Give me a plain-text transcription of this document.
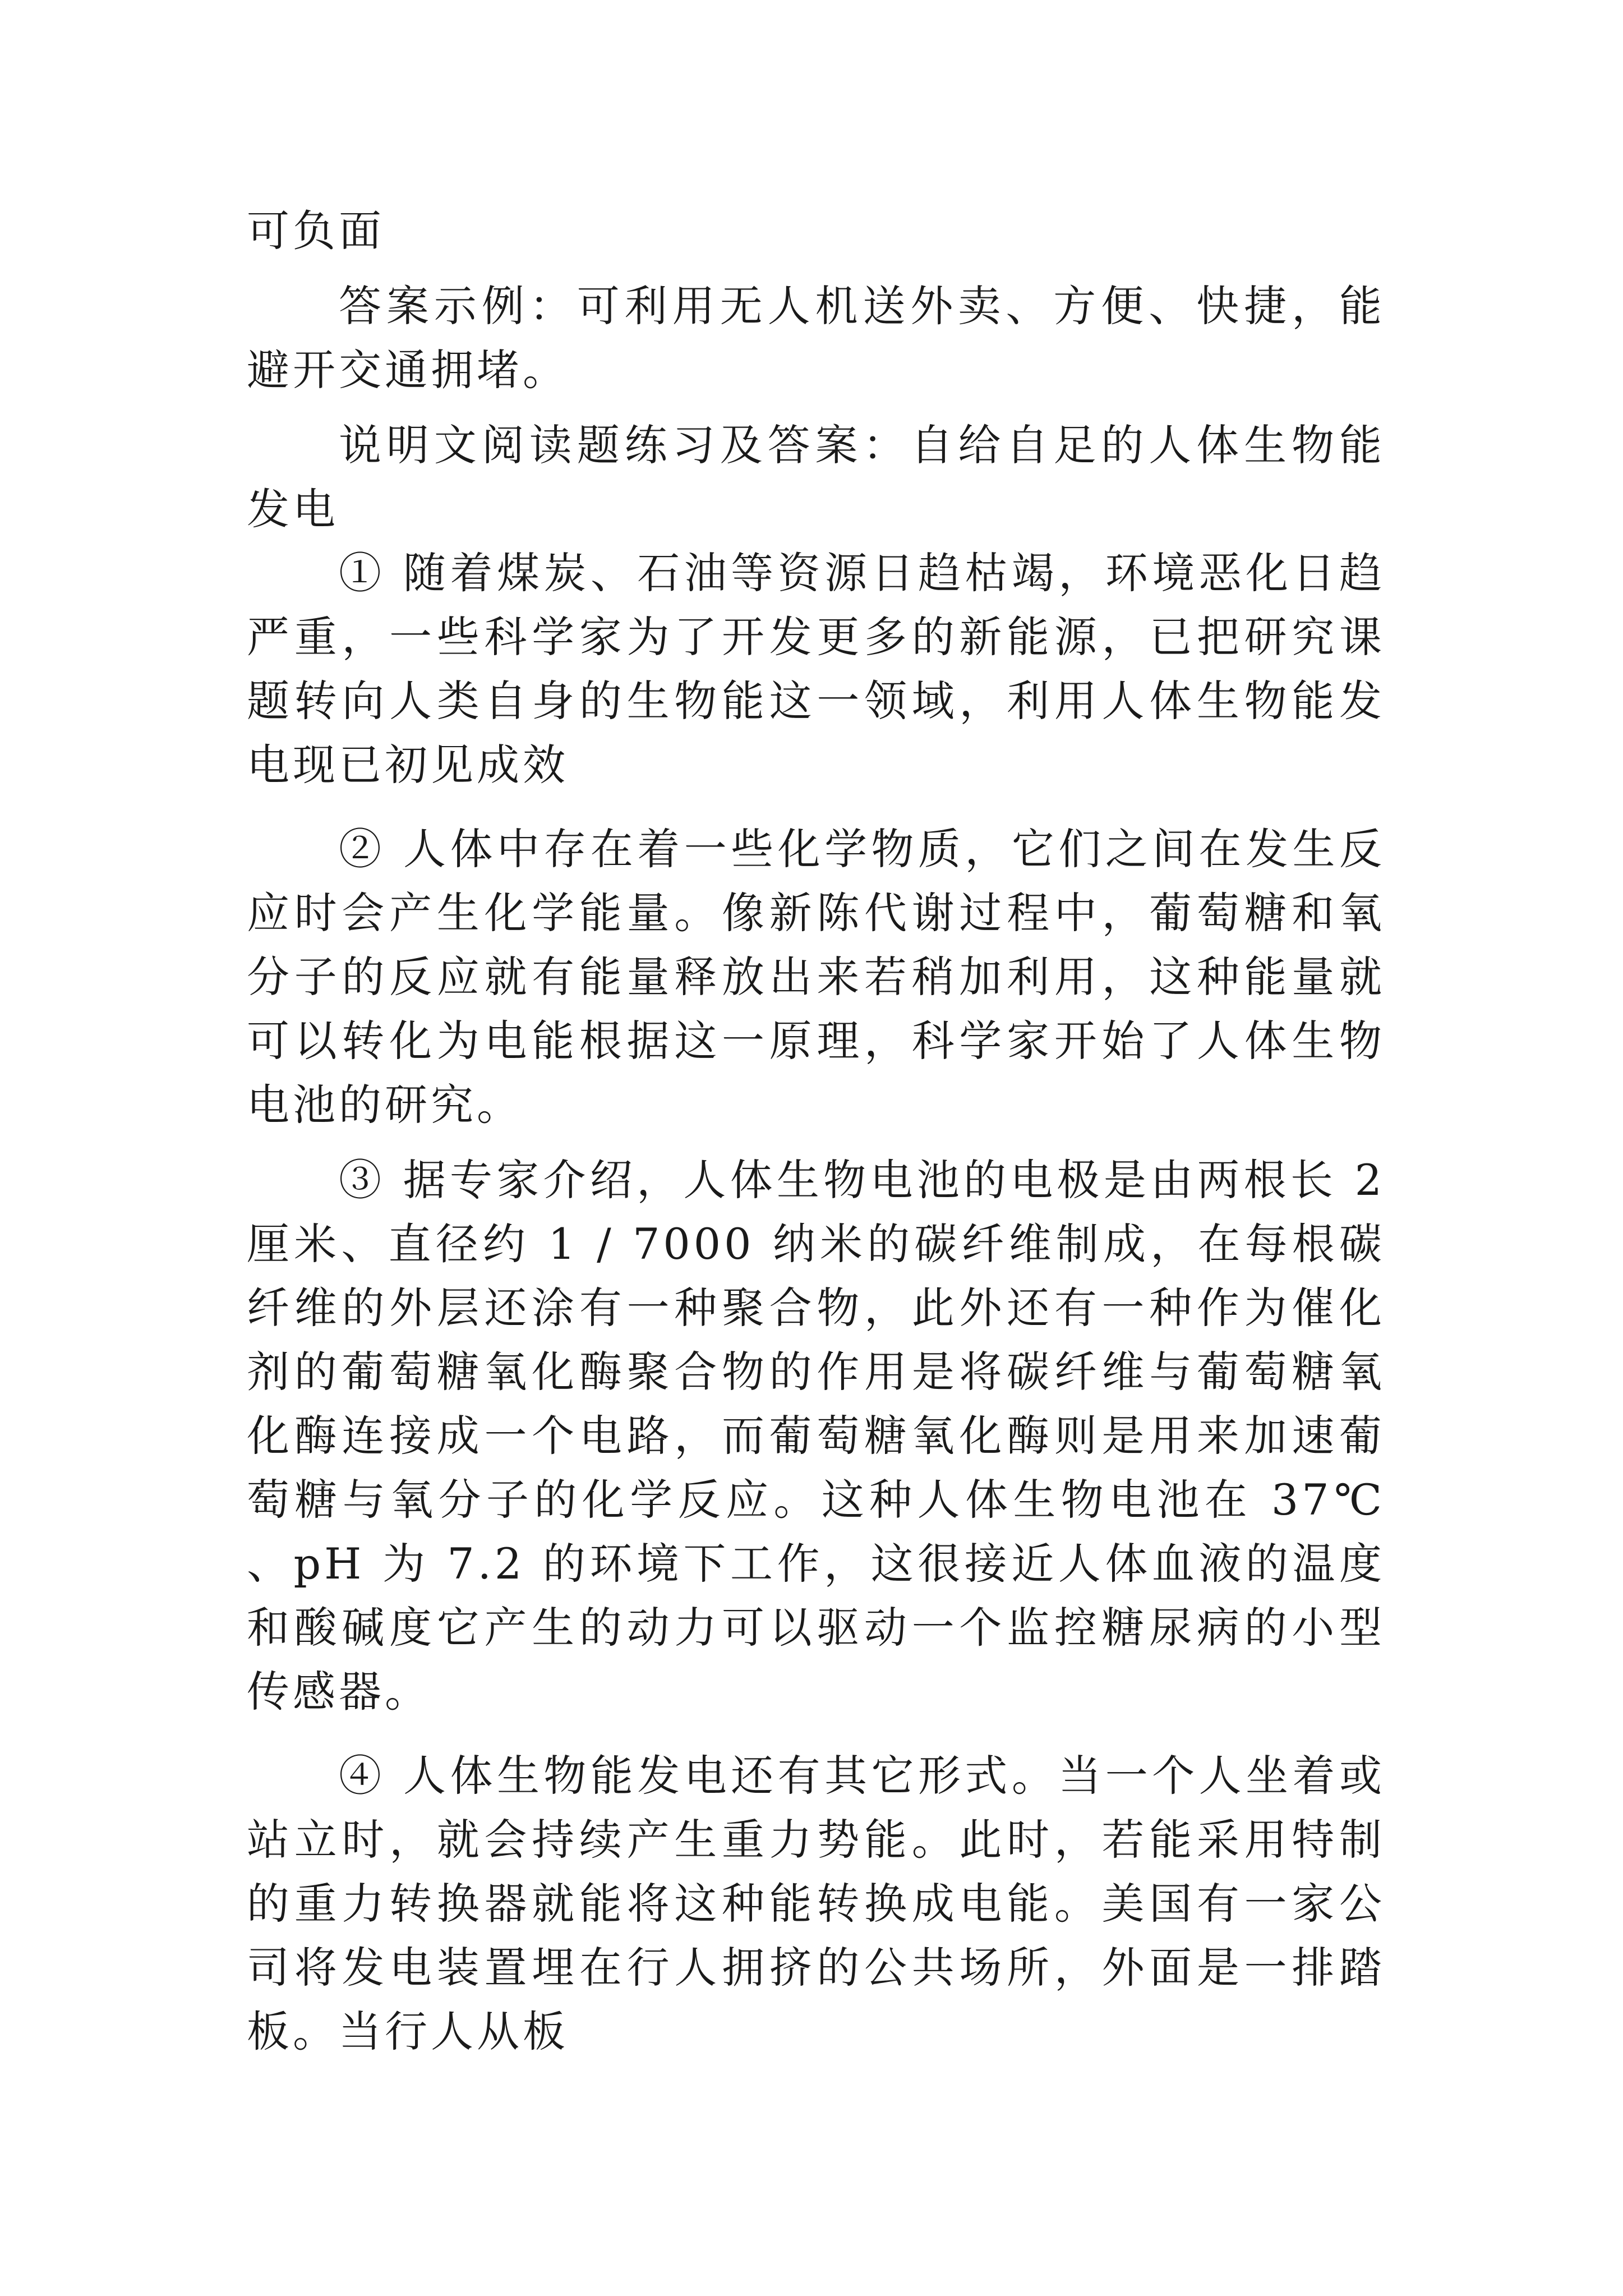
可负面

答案示例：可利用无人机送外卖、方便、快捷，能避开交通拥堵。

说明文阅读题练习及答案：自给自足的人体生物能发电

① 随着煤炭、石油等资源日趋枯竭，环境恶化日趋严重，一些科学家为了开发更多的新能源，已把研究课题转向人类自身的生物能这一领域，利用人体生物能发电现已初见成效

② 人体中存在着一些化学物质，它们之间在发生反应时会产生化学能量。像新陈代谢过程中，葡萄糖和氧分子的反应就有能量释放出来若稍加利用，这种能量就可以转化为电能根据这一原理，科学家开始了人体生物电池的研究。

③ 据专家介绍，人体生物电池的电极是由两根长 2 厘米、直径约 1 / 7000 纳米的碳纤维制成，在每根碳纤维的外层还涂有一种聚合物，此外还有一种作为催化剂的葡萄糖氧化酶聚合物的作用是将碳纤维与葡萄糖氧化酶连接成一个电路，而葡萄糖氧化酶则是用来加速葡萄糖与氧分子的化学反应。这种人体生物电池在 37℃ 、pH 为 7.2 的环境下工作，这很接近人体血液的温度和酸碱度它产生的动力可以驱动一个监控糖尿病的小型传感器。

④ 人体生物能发电还有其它形式。当一个人坐着或站立时，就会持续产生重力势能。此时，若能采用特制的重力转换器就能将这种能转换成电能。美国有一家公司将发电装置埋在行人拥挤的公共场所，外面是一排踏板。当行人从板
